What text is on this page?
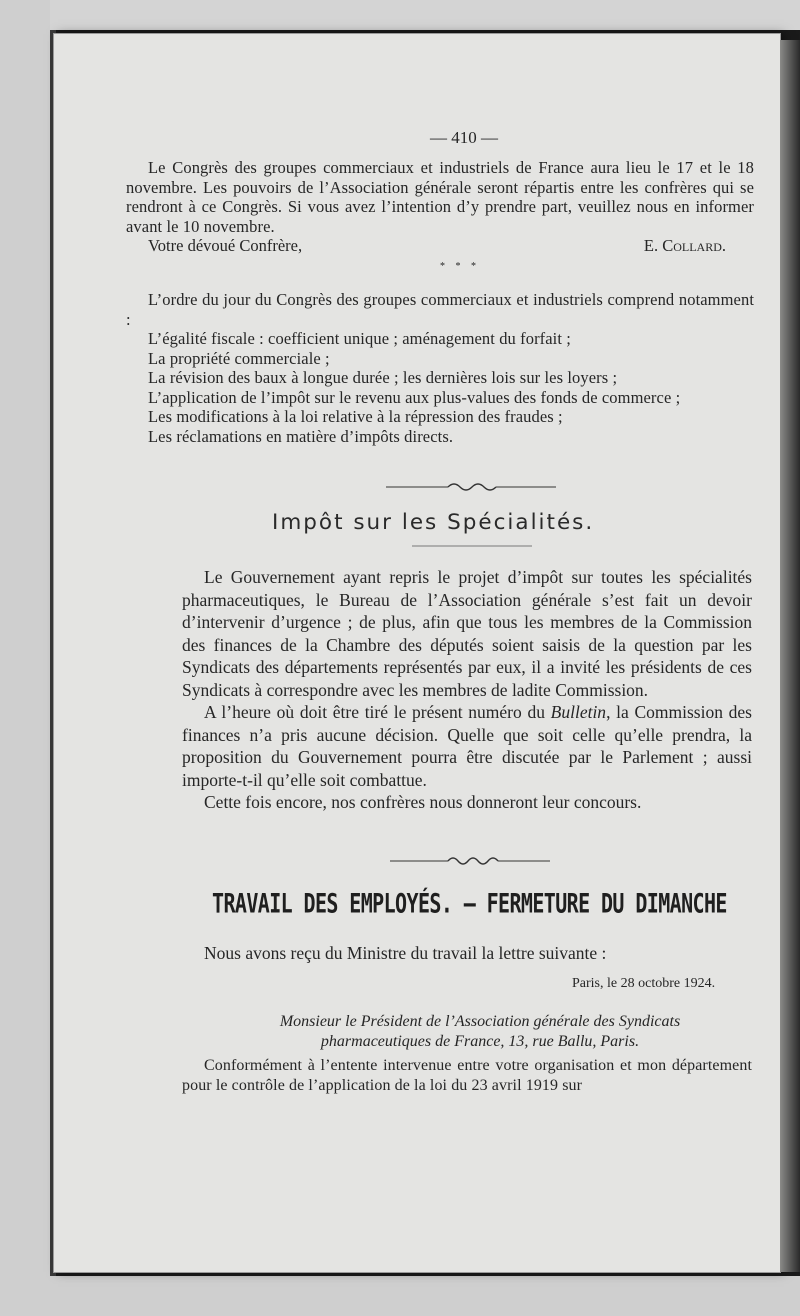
— 410 —

Le Congrès des groupes commerciaux et industriels de France aura lieu le 17 et le 18 novembre. Les pouvoirs de l’Association générale seront répartis entre les confrères qui se rendront à ce Congrès. Si vous avez l’intention d’y prendre part, veuillez nous en informer avant le 10 novembre.

Votre dévoué Confrère,	E. Collard.
* * *

L’ordre du jour du Congrès des groupes commerciaux et industriels comprend notamment :

L’égalité fiscale : coefficient unique ; aménagement du forfait ;

La propriété commerciale ;

La révision des baux à longue durée ; les dernières lois sur les loyers ;

L’application de l’impôt sur le revenu aux plus-values des fonds de commerce ;

Les modifications à la loi relative à la répression des fraudes ;

Les réclamations en matière d’impôts directs.

Impôt sur les Spécialités.

Le Gouvernement ayant repris le projet d’impôt sur toutes les spécialités pharmaceutiques, le Bureau de l’Association générale s’est fait un devoir d’intervenir d’urgence ; de plus, afin que tous les membres de la Commission des finances de la Chambre des députés soient saisis de la question par les Syndicats des départements représentés par eux, il a invité les présidents de ces Syndicats à correspondre avec les membres de ladite Commission.

A l’heure où doit être tiré le présent numéro du Bulletin, la Commission des finances n’a pris aucune décision. Quelle que soit celle qu’elle prendra, la proposition du Gouvernement pourra être discutée par le Parlement ; aussi importe-t-il qu’elle soit combattue.

Cette fois encore, nos confrères nous donneront leur concours.

TRAVAIL DES EMPLOYÉS. – FERMETURE DU DIMANCHE

Nous avons reçu du Ministre du travail la lettre suivante :

Paris, le 28 octobre 1924.
Monsieur le Président de l’Association générale des Syndicats
pharmaceutiques de France, 13, rue Ballu, Paris.

Conformément à l’entente intervenue entre votre organisation et mon département pour le contrôle de l’application de la loi du 23 avril 1919 sur
